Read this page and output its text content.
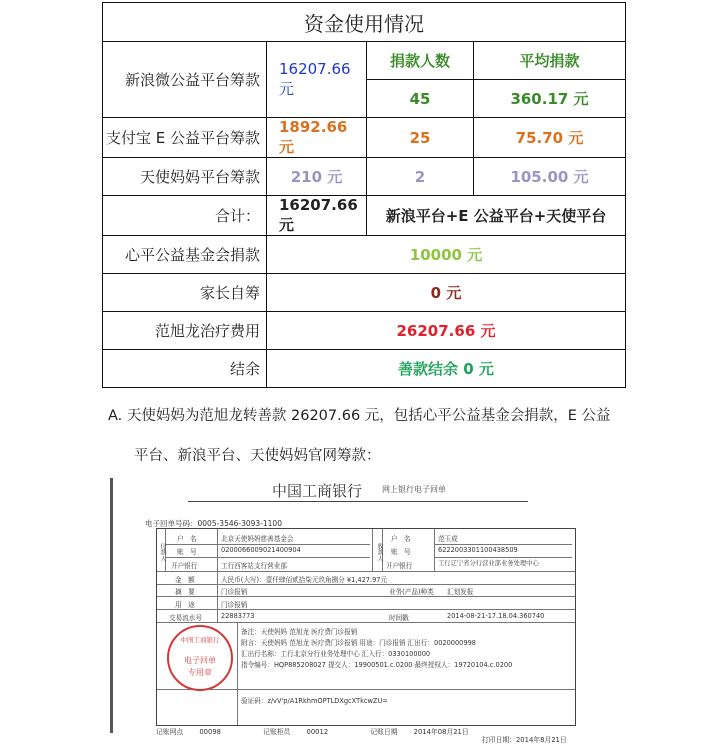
资金使用情况			
新浪微公益平台筹款	16207.66 元	捐款人数	平均捐款
		45	360.17 元
支付宝 E 公益平台筹款	1892.66 元	25	75.70 元
天使妈妈平台筹款	210 元	2	105.00 元
合计：	16207.66 元	新浪平台+E 公益平台+天使平台	
心平公益基金会捐款	10000 元		
家长自筹	0 元		
范旭龙治疗费用	26207.66 元		
结余	善款结余 0 元		
A. 天使妈妈为范旭龙转善款 26207.66 元，包括心平公益基金会捐款，E 公益
平台、新浪平台、天使妈妈官网筹款：
中国工商银行 网上银行电子回单
电子回单号码：0005-3546-3093-1100
付款人	收款人
户　名	北京天使妈妈慈善基金会
账　号	0200066009021400904
开户银行	工行西客站支行营业部
户　名	范玉成
账　号	6222003301100438509
开户银行	工行辽宁省分行营业部业务处理中心
金　额	人民币(大写)：壹仟肆佰贰拾柒元玖角捌分 ¥1,427.97元
摘　要	门诊报销	业务(产品)种类 汇划发报
用　途	门诊报销
交易流水号	22883773	时间戳	2014-08-21-17.18.04.360740
备注：天使妈妈 范旭龙 医疗费门诊报销
附言：天使妈妈 范旭龙 医疗费门诊报销 用途：门诊报销 汇出行：0020000998
汇出行名称：工行北京分行业务处理中心 汇入行：0330100000
指令编号：HQP885208027 提交人：19900501.c.0200 最终授权人：19720104.c.0200
验证码：z/vV'p/A1RkhmOPTLDXgcXTkcwZU=
中国工商银行
电子回单
专用章
记账网点 00098	记账柜员 00012	记账日期 2014年08月21日
打印日期：2014年8月21日
